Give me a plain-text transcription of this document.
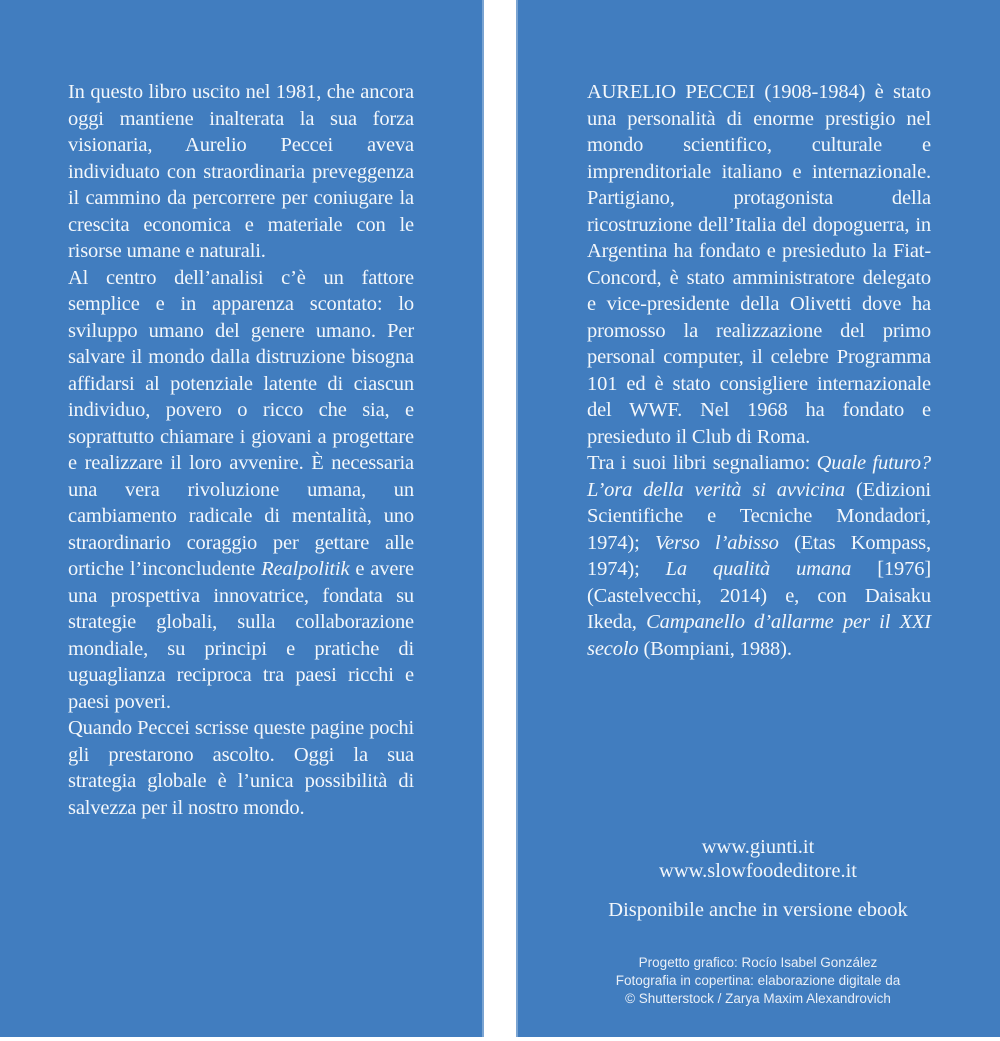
In questo libro uscito nel 1981, che ancora oggi mantiene inalterata la sua forza visionaria, Aurelio Peccei aveva individuato con straordinaria preveggenza il cammino da percorrere per coniugare la crescita economica e materiale con le risorse umane e naturali.

Al centro dell’analisi c’è un fattore semplice e in apparenza scontato: lo sviluppo umano del genere umano. Per salvare il mondo dalla distruzione bisogna affidarsi al potenziale latente di ciascun individuo, povero o ricco che sia, e soprattutto chiamare i giovani a progettare e realizzare il loro avvenire. È necessaria una vera rivoluzione umana, un cambiamento radicale di mentalità, uno straordinario coraggio per gettare alle ortiche l’inconcludente Realpolitik e avere una prospettiva innovatrice, fondata su strategie globali, sulla collaborazione mondiale, su principi e pratiche di uguaglianza reciproca tra paesi ricchi e paesi poveri.

Quando Peccei scrisse queste pagine pochi gli prestarono ascolto. Oggi la sua strategia globale è l’unica possibilità di salvezza per il nostro mondo.

AURELIO PECCEI (1908-1984) è stato una personalità di enorme prestigio nel mondo scientifico, culturale e imprenditoriale italiano e internazionale. Partigiano, protagonista della ricostruzione dell’Italia del dopoguerra, in Argentina ha fondato e presieduto la Fiat-Concord, è stato amministratore delegato e vice-presidente della Olivetti dove ha promosso la realizzazione del primo personal computer, il celebre Programma 101 ed è stato consigliere internazionale del WWF. Nel 1968 ha fondato e presieduto il Club di Roma.

Tra i suoi libri segnaliamo: Quale futuro? L’ora della verità si avvicina (Edizioni Scientifiche e Tecniche Mondadori, 1974); Verso l’abisso (Etas Kompass, 1974); La qualità umana [1976] (Castelvecchi, 2014) e, con Daisaku Ikeda, Campanello d’allarme per il XXI secolo (Bompiani, 1988).

www.giunti.it
www.slowfoodeditore.it
Disponibile anche in versione ebook
Progetto grafico: Rocío Isabel González
Fotografia in copertina: elaborazione digitale da
© Shutterstock / Zarya Maxim Alexandrovich
